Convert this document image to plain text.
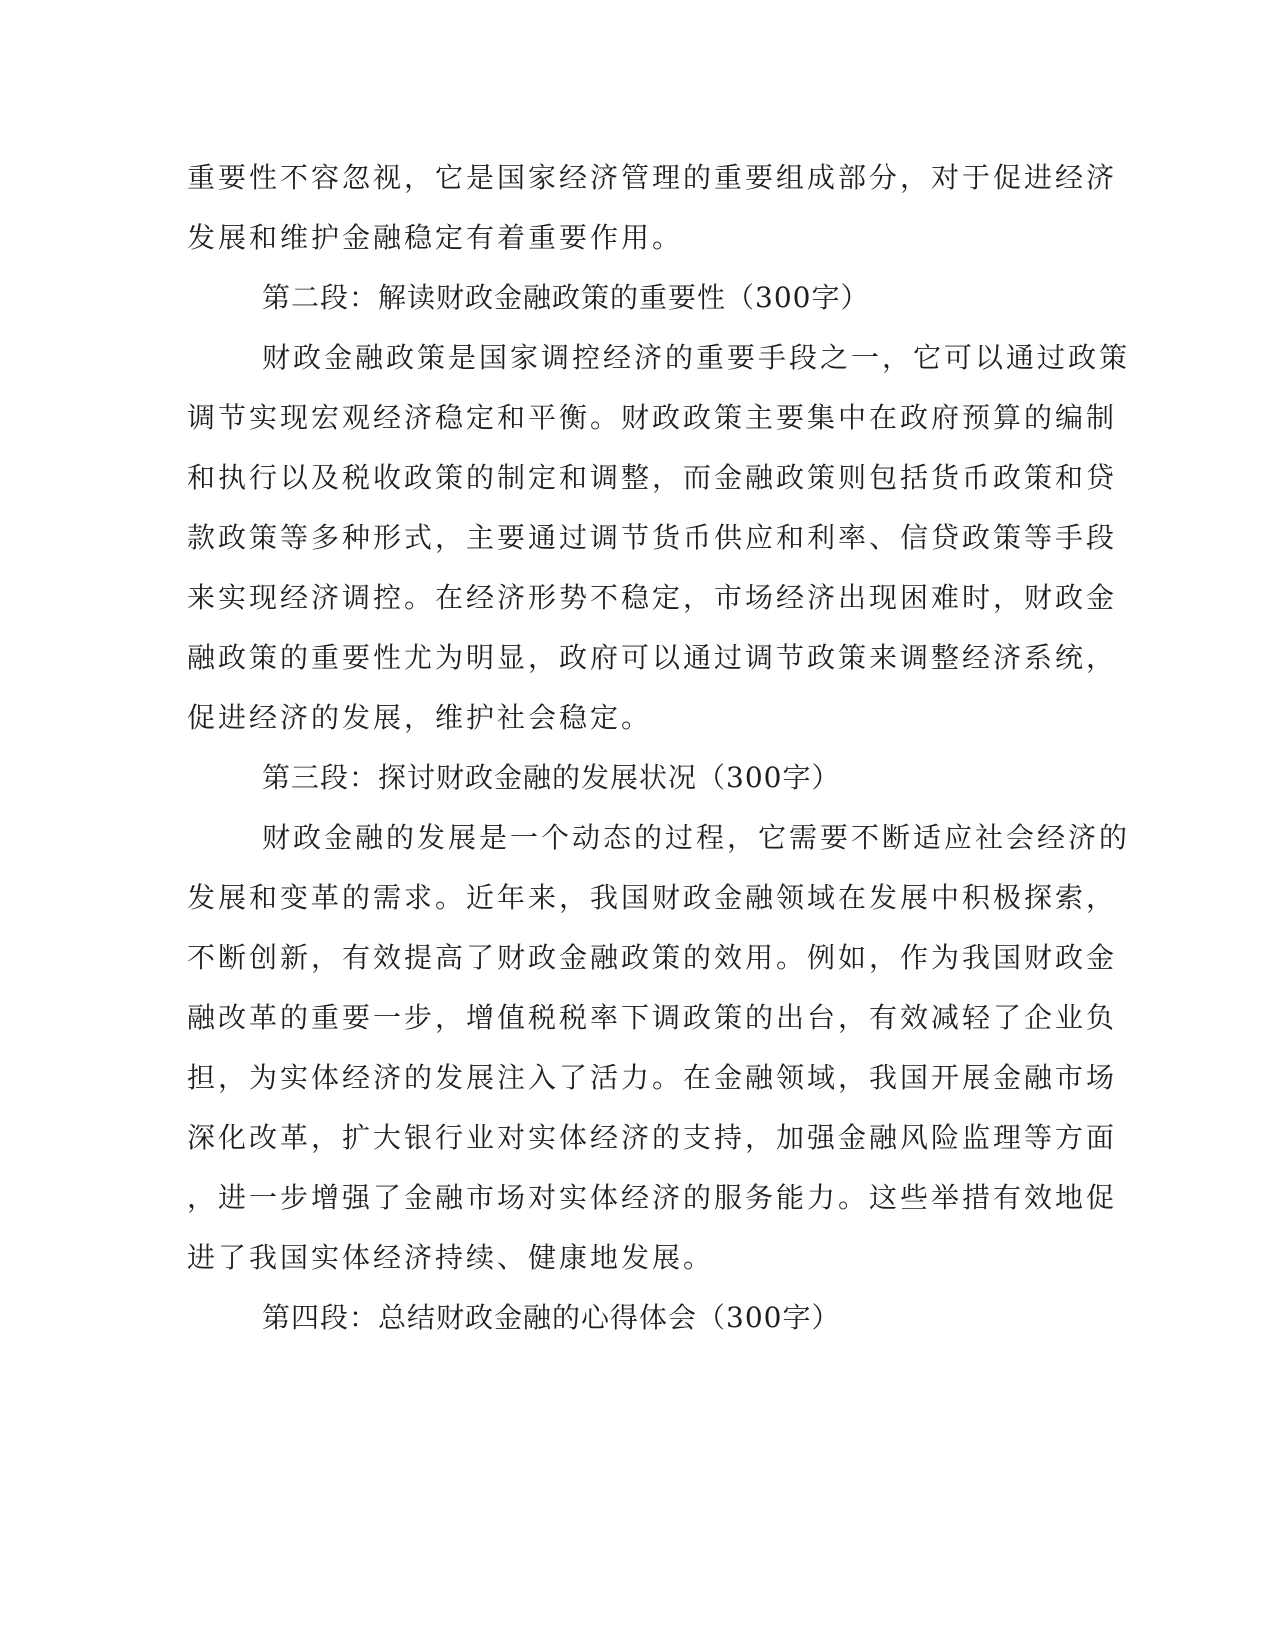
重要性不容忽视，它是国家经济管理的重要组成部分，对于促进经济

发展和维护金融稳定有着重要作用。

第二段：解读财政金融政策的重要性（300字）

财政金融政策是国家调控经济的重要手段之一，它可以通过政策

调节实现宏观经济稳定和平衡。财政政策主要集中在政府预算的编制

和执行以及税收政策的制定和调整，而金融政策则包括货币政策和贷

款政策等多种形式，主要通过调节货币供应和利率、信贷政策等手段

来实现经济调控。在经济形势不稳定，市场经济出现困难时，财政金

融政策的重要性尤为明显，政府可以通过调节政策来调整经济系统，

促进经济的发展，维护社会稳定。

第三段：探讨财政金融的发展状况（300字）

财政金融的发展是一个动态的过程，它需要不断适应社会经济的

发展和变革的需求。近年来，我国财政金融领域在发展中积极探索，

不断创新，有效提高了财政金融政策的效用。例如，作为我国财政金

融改革的重要一步，增值税税率下调政策的出台，有效减轻了企业负

担，为实体经济的发展注入了活力。在金融领域，我国开展金融市场

深化改革，扩大银行业对实体经济的支持，加强金融风险监理等方面

，进一步增强了金融市场对实体经济的服务能力。这些举措有效地促

进了我国实体经济持续、健康地发展。

第四段：总结财政金融的心得体会（300字）
